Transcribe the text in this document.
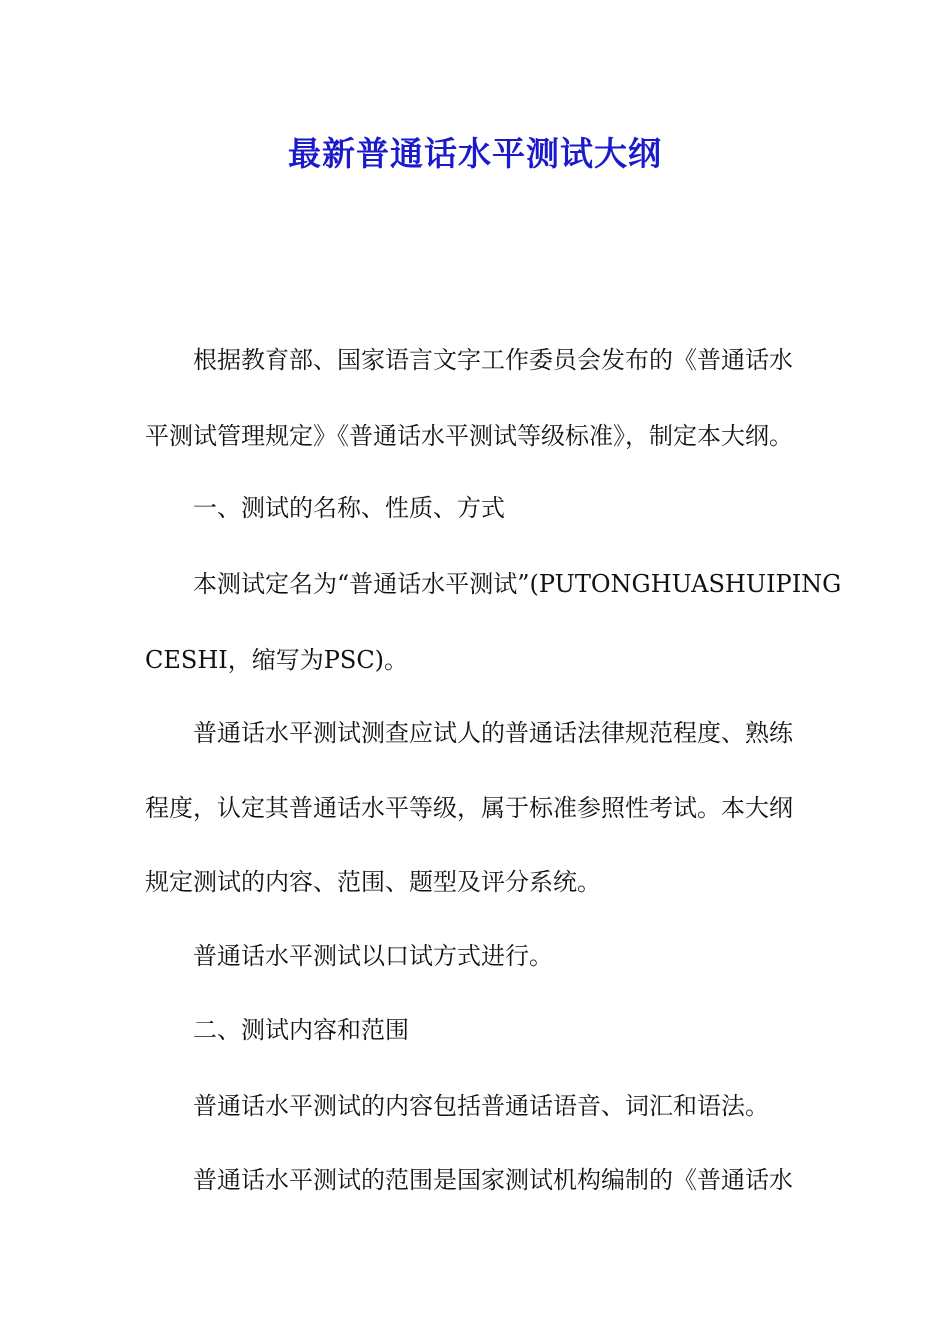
最新普通话水平测试大纲
根据教育部、国家语言文字工作委员会发布的《普通话水
平测试管理规定》《普通话水平测试等级标准》，制定本大纲。
一、测试的名称、性质、方式
本测试定名为“普通话水平测试”(PUTONGHUA SHUIPING
CESHI，缩写为PSC)。
普通话水平测试测查应试人的普通话法律规范程度、熟练
程度，认定其普通话水平等级，属于标准参照性考试。本大纲
规定测试的内容、范围、题型及评分系统。
普通话水平测试以口试方式进行。
二、测试内容和范围
普通话水平测试的内容包括普通话语音、词汇和语法。
普通话水平测试的范围是国家测试机构编制的《普通话水
